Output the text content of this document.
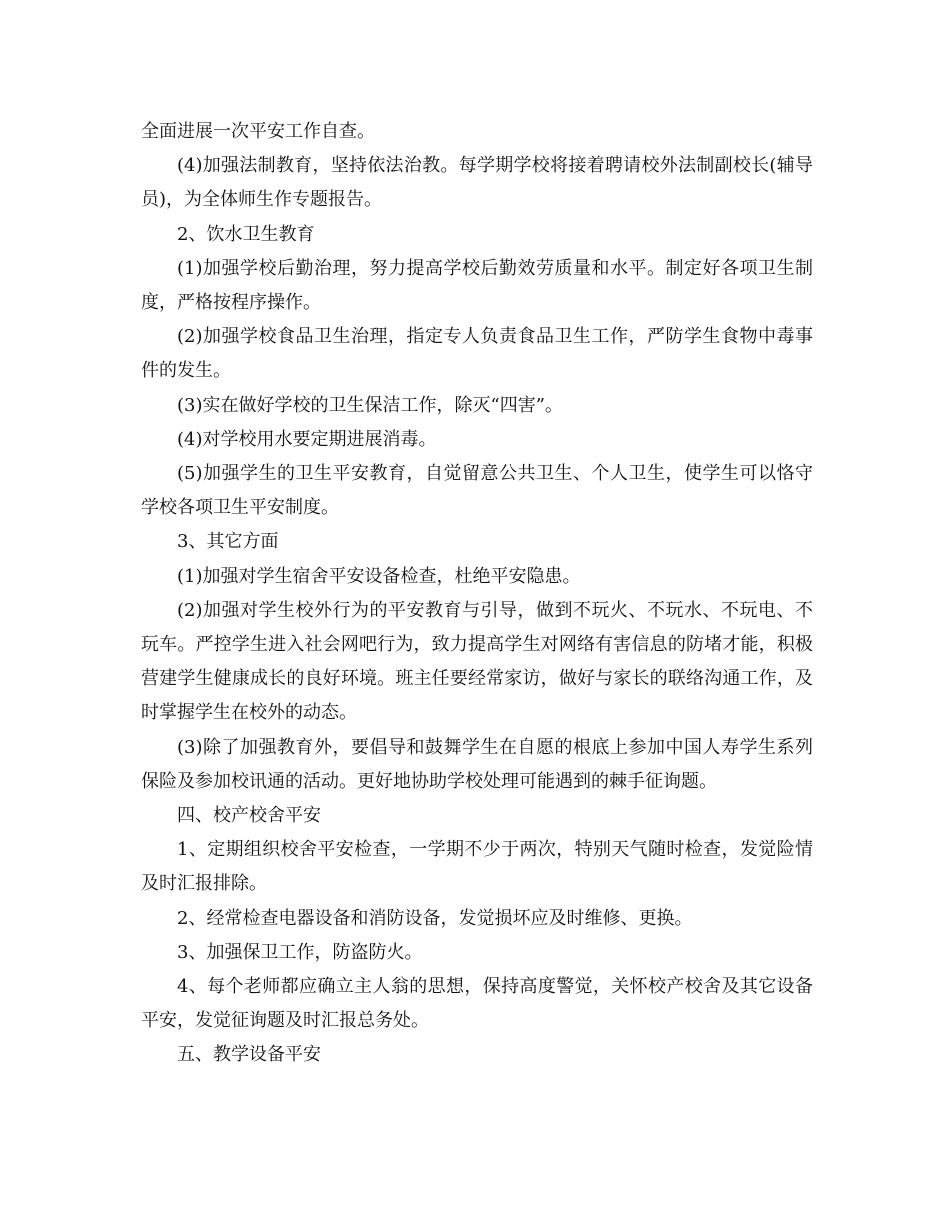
全面进展一次平安工作自查。

(4)加强法制教育，坚持依法治教。每学期学校将接着聘请校外法制副校长(辅导员)，为全体师生作专题报告。

2、饮水卫生教育

(1)加强学校后勤治理，努力提高学校后勤效劳质量和水平。制定好各项卫生制度，严格按程序操作。

(2)加强学校食品卫生治理，指定专人负责食品卫生工作，严防学生食物中毒事件的发生。

(3)实在做好学校的卫生保洁工作，除灭“四害”。

(4)对学校用水要定期进展消毒。

(5)加强学生的卫生平安教育，自觉留意公共卫生、个人卫生，使学生可以恪守学校各项卫生平安制度。

3、其它方面

(1)加强对学生宿舍平安设备检查，杜绝平安隐患。

(2)加强对学生校外行为的平安教育与引导，做到不玩火、不玩水、不玩电、不玩车。严控学生进入社会网吧行为，致力提高学生对网络有害信息的防堵才能，积极营建学生健康成长的良好环境。班主任要经常家访，做好与家长的联络沟通工作，及时掌握学生在校外的动态。

(3)除了加强教育外，要倡导和鼓舞学生在自愿的根底上参加中国人寿学生系列保险及参加校讯通的活动。更好地协助学校处理可能遇到的棘手征询题。

四、校产校舍平安

1、定期组织校舍平安检查，一学期不少于两次，特别天气随时检查，发觉险情及时汇报排除。

2、经常检查电器设备和消防设备，发觉损坏应及时维修、更换。

3、加强保卫工作，防盗防火。

4、每个老师都应确立主人翁的思想，保持高度警觉，关怀校产校舍及其它设备平安，发觉征询题及时汇报总务处。

五、教学设备平安
